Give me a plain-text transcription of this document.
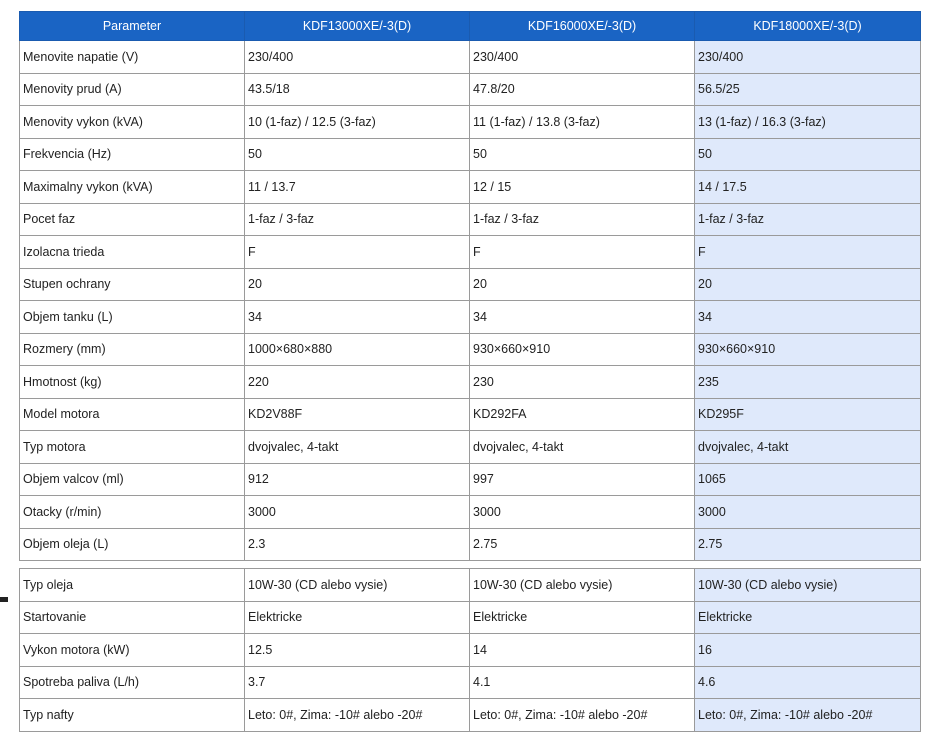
Parameter	KDF13000XE/-3(D)	KDF16000XE/-3(D)	KDF18000XE/-3(D)
Menovite napatie (V)	230/400	230/400	230/400
Menovity prud (A)	43.5/18	47.8/20	56.5/25
Menovity vykon (kVA)	10 (1-faz) / 12.5 (3-faz)	11 (1-faz) / 13.8 (3-faz)	13 (1-faz) / 16.3 (3-faz)
Frekvencia (Hz)	50	50	50
Maximalny vykon (kVA)	11 / 13.7	12 / 15	14 / 17.5
Pocet faz	1-faz / 3-faz	1-faz / 3-faz	1-faz / 3-faz
Izolacna trieda	F	F	F
Stupen ochrany	20	20	20
Objem tanku (L)	34	34	34
Rozmery (mm)	1000×680×880	930×660×910	930×660×910
Hmotnost (kg)	220	230	235
Model motora	KD2V88F	KD292FA	KD295F
Typ motora	dvojvalec, 4-takt	dvojvalec, 4-takt	dvojvalec, 4-takt
Objem valcov (ml)	912	997	1065
Otacky (r/min)	3000	3000	3000
Objem oleja (L)	2.3	2.75	2.75
Typ oleja	10W-30 (CD alebo vysie)	10W-30 (CD alebo vysie)	10W-30 (CD alebo vysie)
Startovanie	Elektricke	Elektricke	Elektricke
Vykon motora (kW)	12.5	14	16
Spotreba paliva (L/h)	3.7	4.1	4.6
Typ nafty	Leto: 0#, Zima: -10# alebo -20#	Leto: 0#, Zima: -10# alebo -20#	Leto: 0#, Zima: -10# alebo -20#
